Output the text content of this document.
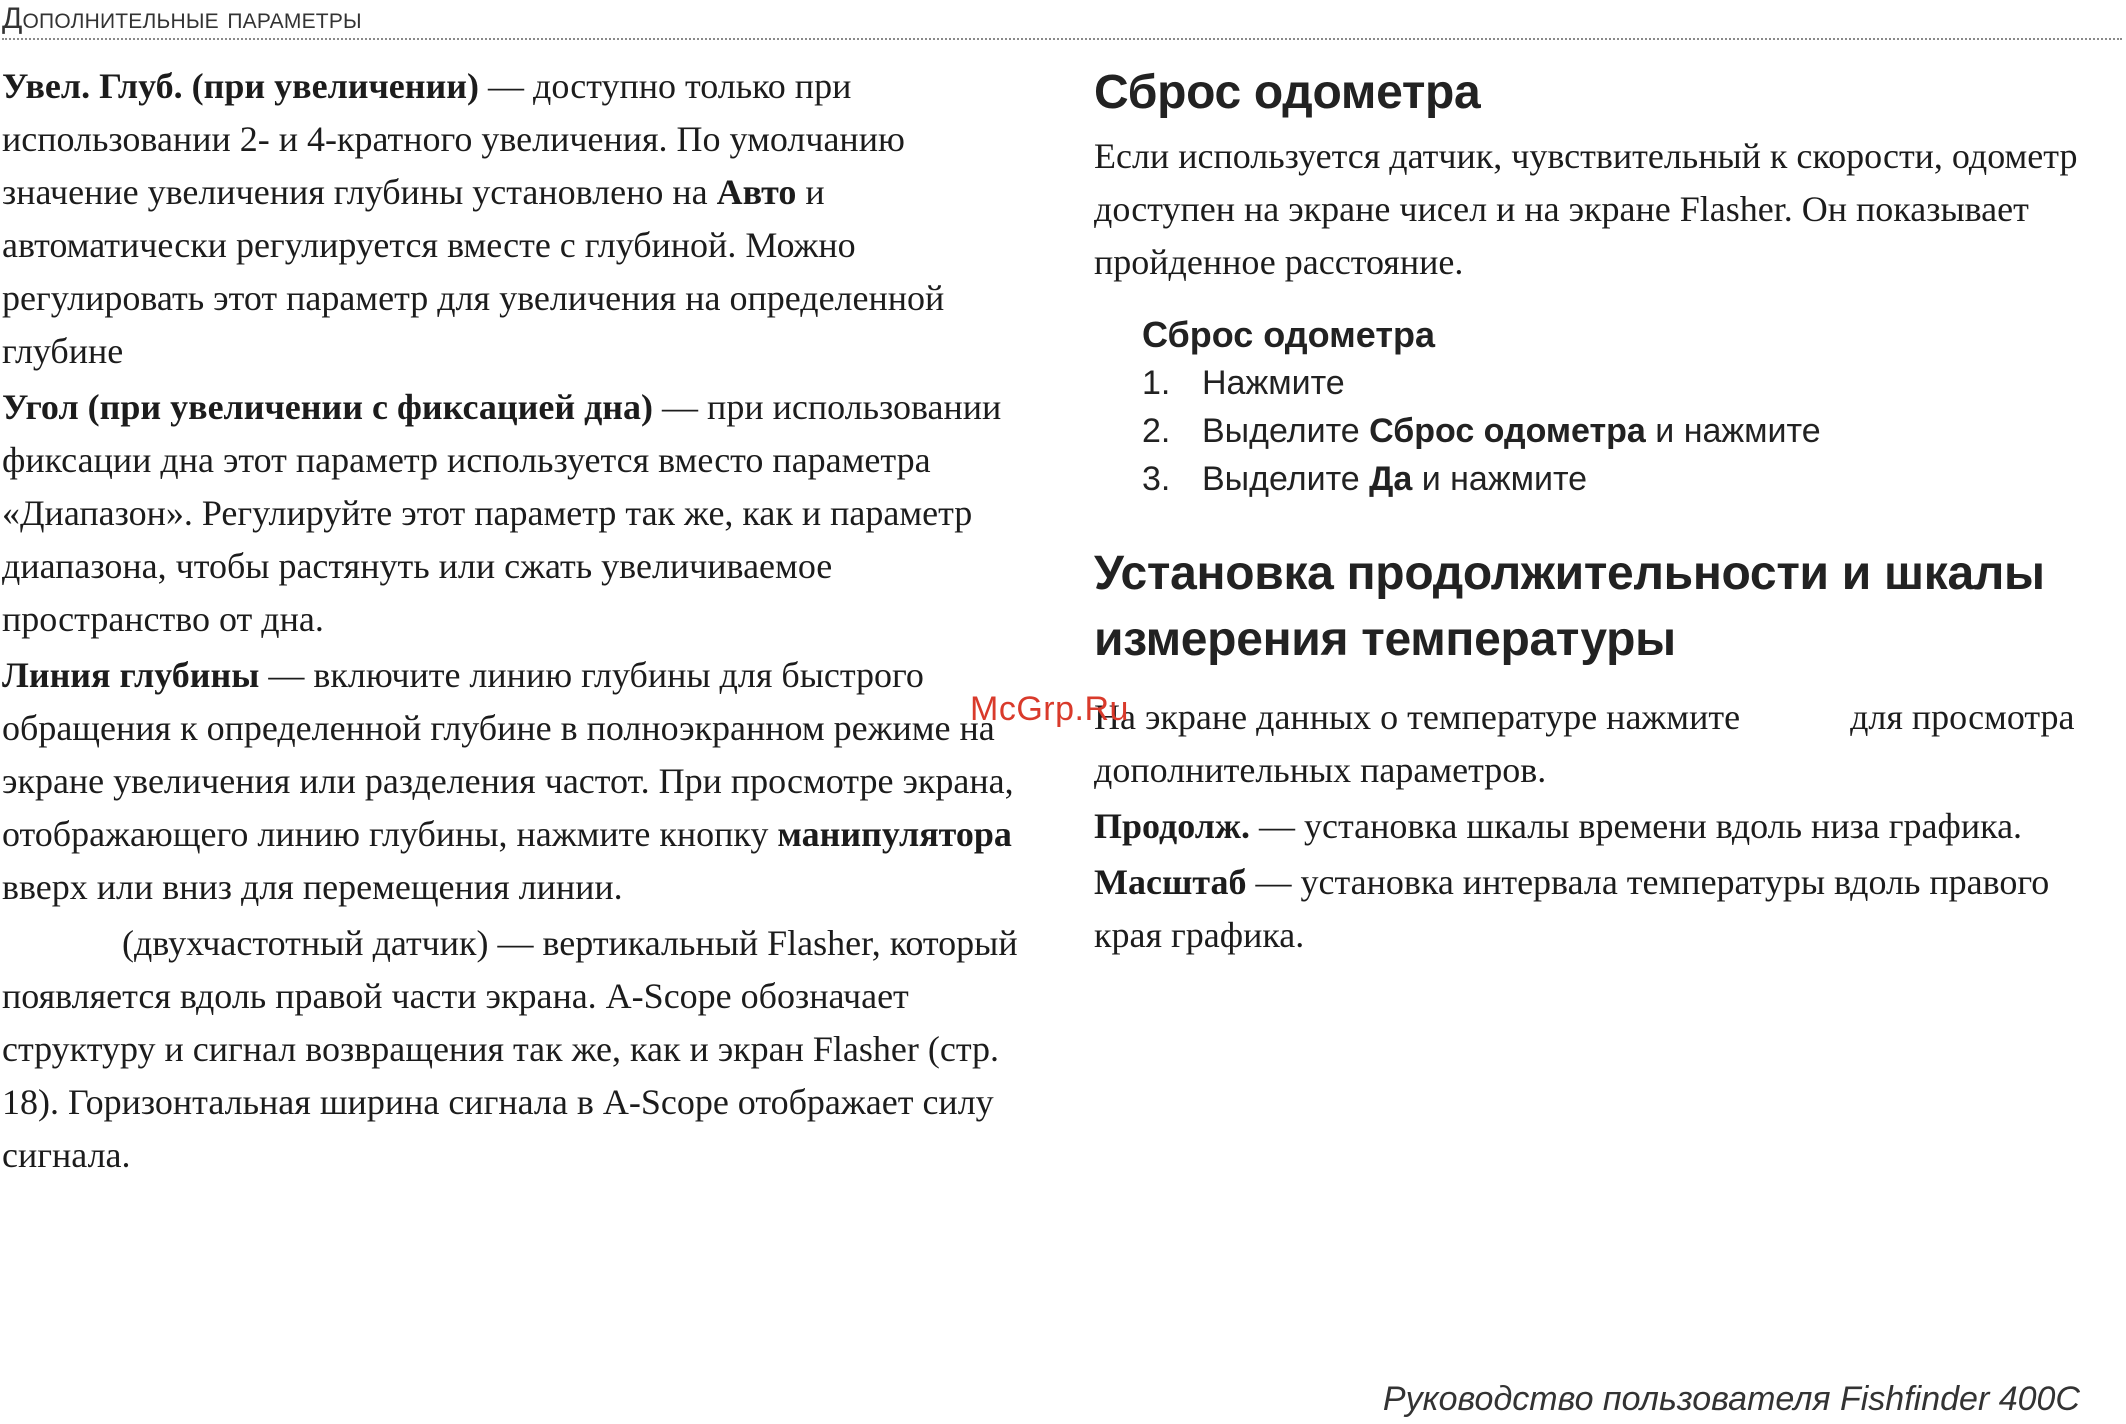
Дополнительные параметры

Увел. Глуб. (при увеличении) — доступно только при использовании 2- и 4-кратного увеличения. По умолчанию значение увеличения глубины установлено на Авто и автоматически регулируется вместе с глубиной. Можно регулировать этот параметр для увеличения на определенной глубине

Угол (при увеличении с фиксацией дна) — при использовании фиксации дна этот параметр используется вместо параметра «Диапазон». Регулируйте этот параметр так же, как и параметр диапазона, чтобы растянуть или сжать увеличиваемое пространство от дна.

Линия глубины — включите линию глубины для быстрого обращения к определенной глубине в полноэкранном режиме на экране увеличения или разделения частот. При просмотре экрана, отображающего линию глубины, нажмите кнопку манипулятора вверх или вниз для перемещения линии.

(двухчастотный датчик) — вертикальный Flasher, который появляется вдоль правой части экрана. A-Scope обозначает структуру и сигнал возвращения так же, как и экран Flasher (стр. 18). Горизонтальная ширина сигнала в A-Scope отображает силу сигнала.

Сброс одометра

Если используется датчик, чувствительный к скорости, одометр доступен на экране чисел и на экране Flasher. Он показывает пройденное расстояние.

Сброс одометра

1. Нажмите
2. Выделите Сброс одометра и нажмите
3. Выделите Да и нажмите
Установка продолжительности и шкалы измерения температуры

На экране данных о температуре нажмите	для просмотра дополнительных параметров.

Продолж. — установка шкалы времени вдоль низа графика.

Масштаб — установка интервала температуры вдоль правого края графика.

McGrp.Ru
Руководство пользователя Fishfinder 400C
